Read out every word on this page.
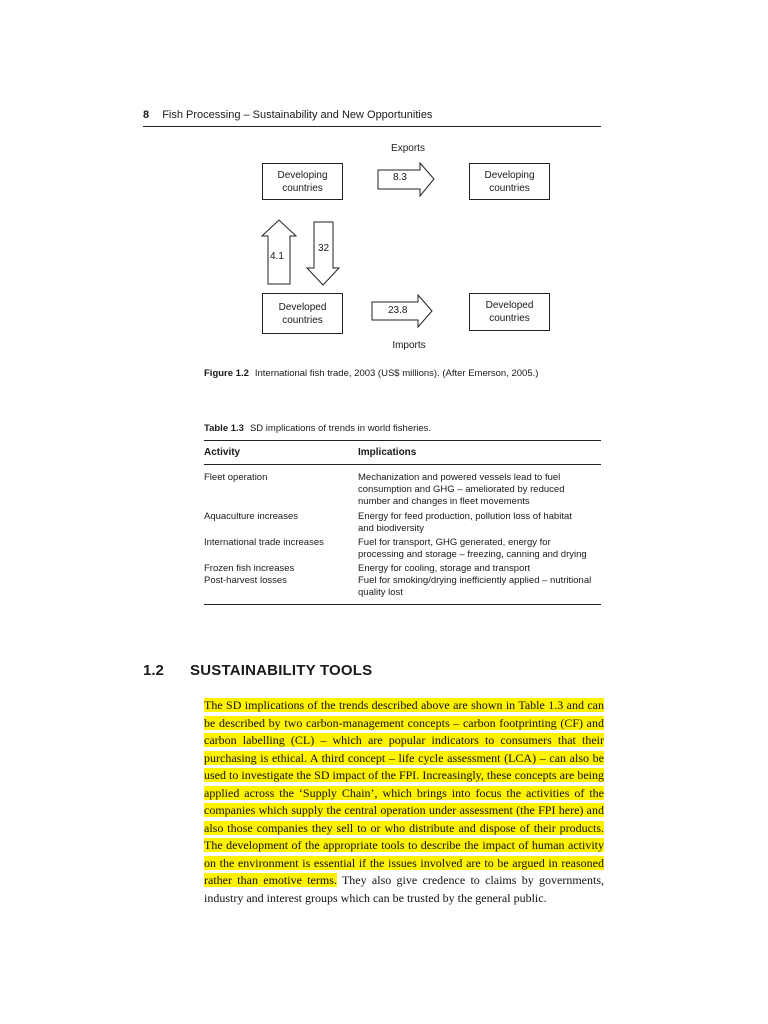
8 Fish Processing – Sustainability and New Opportunities
Exports
Developing countries
Developing countries
Developed countries
Developed countries
8.3
23.8
4.1
32
Imports
Figure 1.2 International fish trade, 2003 (US$ millions). (After Emerson, 2005.)
Table 1.3 SD implications of trends in world fisheries.
Activity	Implications
Fleet operation	Mechanization and powered vessels lead to fuel
consumption and GHG – ameliorated by reduced
number and changes in fleet movements
Aquaculture increases	Energy for feed production, pollution loss of habitat
and biodiversity
International trade increases	Fuel for transport, GHG generated, energy for
processing and storage – freezing, canning and drying
Frozen fish increases	Energy for cooling, storage and transport
Post-harvest losses	Fuel for smoking/drying inefficiently applied – nutritional
quality lost
1.2 SUSTAINABILITY TOOLS
The SD implications of the trends described above are shown in Table 1.3 and can be described by two carbon-management concepts – carbon footprinting (CF) and carbon labelling (CL) – which are popular indicators to consumers that their purchasing is ethical. A third concept – life cycle assessment (LCA) – can also be used to investigate the SD impact of the FPI. Increasingly, these concepts are being applied across the ‘Supply Chain’, which brings into focus the activities of the companies which supply the central operation under assessment (the FPI here) and also those companies they sell to or who distribute and dispose of their products. The development of the appropriate tools to describe the impact of human activity on the environment is essential if the issues involved are to be argued in reasoned rather than emotive terms. They also give credence to claims by governments, industry and interest groups which can be trusted by the general public.
